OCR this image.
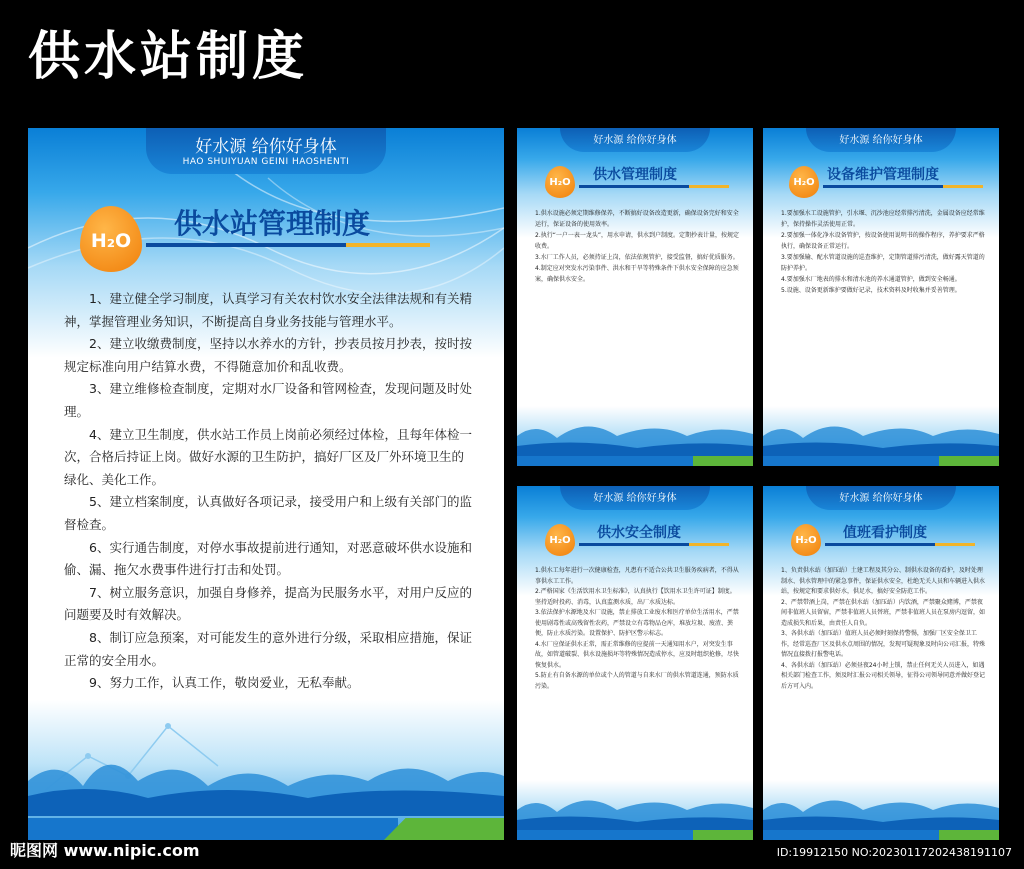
供水站制度
好水源 给你好身体
HAO SHUIYUAN GEINI HAOSHENTI
H₂O
供水站管理制度

1、建立健全学习制度，认真学习有关农村饮水安全法律法规和有关精神，掌握管理业务知识，不断提高自身业务技能与管理水平。

2、建立收缴费制度，坚持以水养水的方针，抄表员按月抄表，按时按规定标准向用户结算水费，不得随意加价和乱收费。

3、建立维修检查制度，定期对水厂设备和管网检查，发现问题及时处理。

4、建立卫生制度，供水站工作员上岗前必须经过体检，且每年体检一次，合格后持证上岗。做好水源的卫生防护，搞好厂区及厂外环境卫生的绿化、美化工作。

5、建立档案制度，认真做好各项记录，接受用户和上级有关部门的监督检查。

6、实行通告制度，对停水事故提前进行通知，对恶意破坏供水设施和偷、漏、拖欠水费事件进行打击和处罚。

7、树立服务意识，加强自身修养，提高为民服务水平，对用户反应的问题要及时有效解决。

8、制订应急预案，对可能发生的意外进行分级，采取相应措施，保证正常的安全用水。

9、努力工作，认真工作，敬岗爱业，无私奉献。

好水源 给你好身体
H₂O	供水管理制度

1.供水设施必须定期维修保养，不断搞好设备改造更新，确保设备完好和安全运行，保证设备的使用效率。

2.执行“一户一表一龙头”，用水申请，供水到户制度。定期抄表计量，按规定收费。

3.水厂工作人员，必须持证上岗，依法依规管护，接受监督，搞好优质服务。

4.制定应对突发水污染事件、洪水和干旱等特殊条件下供水安全保障的应急预案，确保供水安全。

好水源 给你好身体
H₂O 设备维护管理制度

1.要加强水工设施管护，引水堰、沉沙池应经常排污清洗，金属设备应经常维护，保持操作灵活使用正常。

2.要加强一体化净水设备管护，按设备使用说明书的操作程序，养护要求严格执行，确保设备正常运行。

3.要加强输、配水管道设施的巡查维护，定期管道排污清洗，做好露天管道的防护养护。

4.要加强水厂地表的排水和清水池的养水通道管护，做到安全畅通。

5.设施、设备更新维护要做好记录，技术资料及时收集并妥善管理。

好水源 给你好身体
H₂O	供水安全制度

1.供水工每年进行一次健康检查，凡患有不适合公共卫生服务疾病者，不得从事供水工工作。

2.严格国家《生活饮用水卫生标准》，认真执行【饮用水卫生许可证】制度。坚持适时投药、消毒，认真监测水质，出厂水质达标。

3.依法保护水源地及水厂设施，禁止排放工业废水和医疗单位生活用水，严禁使用剧毒性或高残留性农药，严禁设立有毒物品仓库，堆放垃圾、废渣、粪便，防止水质污染。设置保护、防护区警示标志。

4.水厂应保证供水正常，需正常维修的应提前一天通知用水户，对突发生事故，如管道破裂、供水设施损坏等特殊情况造成停水，应及时组织抢修，尽快恢复供水。

5.防止有自备水源的单位或个人的管道与自来水厂的供水管道连通，预防水质污染。

好水源 给你好身体
H₂O	值班看护制度

1、负责供水站（加压站）土建工程及其分公、制供水设备的看护，及时处理制水、供水管理中的紧急事件，保证供水安全，杜绝无关人员和车辆进入供水站，按规定和要求供好水，供足水，搞好安全防范工作。

2、严禁带酒上岗，严禁在供水站（加压站）内饮酒，严禁聚众赌博，严禁夜间非值班人员留宿，严禁非值班人员替班，严禁非值班人员在泵房内逗留，如造成损失和后果，由责任人自负。

3、各供水站（加压站）值班人员必须时刻保持警惕，加强厂区安全保卫工作，经常巡查厂区及供水点周围的情况，发现可疑现象及时向公司汇报，特殊情况直接拨打报警电话。

4、各供水站（加压站）必须昼夜24小时上锁，禁止任何无关人员进入，如遇相关部门检查工作，须及时汇报公司相关领导，征得公司领导同意并做好登记后方可入内。

昵图网 www.nipic.com	ID:19912150 NO:20230117202438191107
